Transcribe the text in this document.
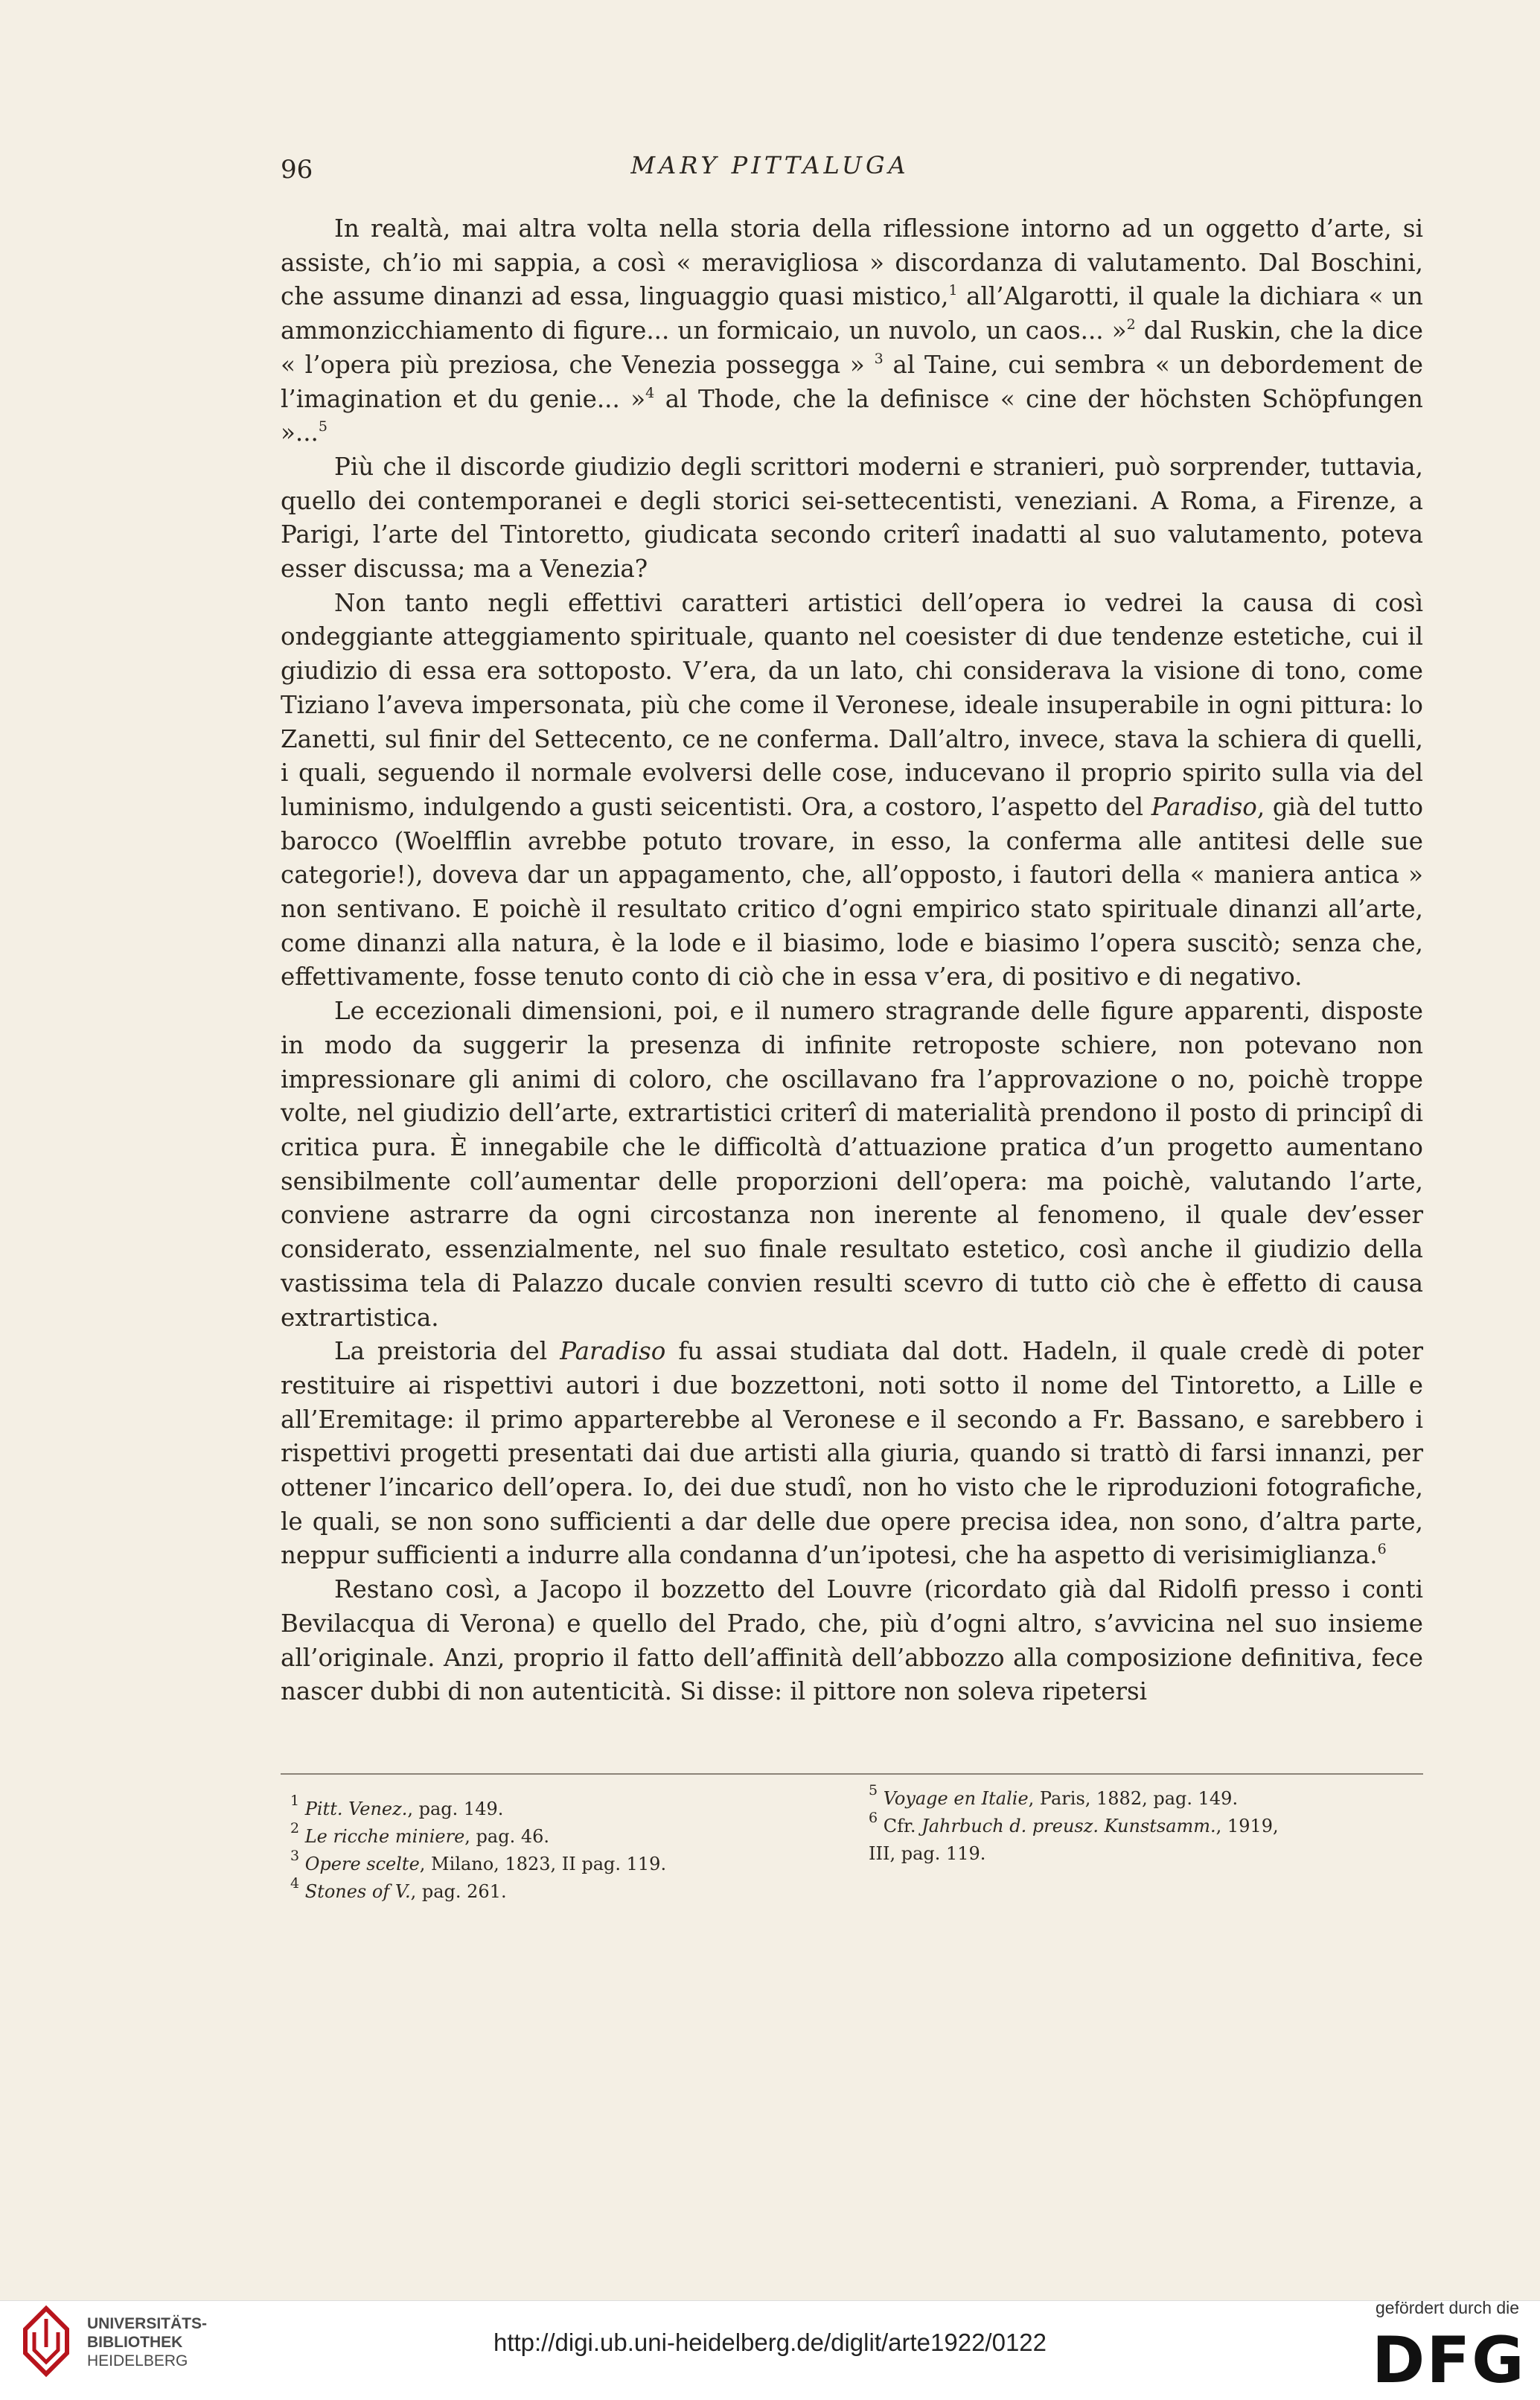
96	MARY PITTALUGA

In realtà, mai altra volta nella storia della riflessione intorno ad un oggetto d’arte, si assiste, ch’io mi sappia, a così « meravigliosa » discordanza di valutamento. Dal Boschini, che assume dinanzi ad essa, linguaggio quasi mistico,$^1$ all’Algarotti, il quale la dichiara « un ammonzicchiamento di figure... un formicaio, un nuvolo, un caos... »$^2$ dal Ruskin, che la dice « l’opera più preziosa, che Venezia possegga » $^3$ al Taine, cui sembra « un debordement de l’imagination et du genie... »$^4$ al Thode, che la definisce « cine der höchsten Schöpfungen »...$^5$

Più che il discorde giudizio degli scrittori moderni e stranieri, può sorprender, tuttavia, quello dei contemporanei e degli storici sei-settecentisti, veneziani. A Roma, a Firenze, a Parigi, l’arte del Tintoretto, giudicata secondo criterî inadatti al suo valutamento, poteva esser discussa; ma a Venezia?

Non tanto negli effettivi caratteri artistici dell’opera io vedrei la causa di così ondeggiante atteggiamento spirituale, quanto nel coesister di due tendenze estetiche, cui il giudizio di essa era sottoposto. V’era, da un lato, chi considerava la visione di tono, come Tiziano l’aveva impersonata, più che come il Veronese, ideale insuperabile in ogni pittura: lo Zanetti, sul finir del Settecento, ce ne conferma. Dall’altro, invece, stava la schiera di quelli, i quali, seguendo il normale evolversi delle cose, inducevano il proprio spirito sulla via del luminismo, indulgendo a gusti seicentisti. Ora, a costoro, l’aspetto del Paradiso, già del tutto barocco (Woelfflin avrebbe potuto trovare, in esso, la conferma alle antitesi delle sue categorie!), doveva dar un appagamento, che, all’opposto, i fautori della « maniera antica » non sentivano. E poichè il resultato critico d’ogni empirico stato spirituale dinanzi all’arte, come dinanzi alla natura, è la lode e il biasimo, lode e biasimo l’opera suscitò; senza che, effettivamente, fosse tenuto conto di ciò che in essa v’era, di positivo e di negativo.

Le eccezionali dimensioni, poi, e il numero stragrande delle figure apparenti, disposte in modo da suggerir la presenza di infinite retroposte schiere, non potevano non impressionare gli animi di coloro, che oscillavano fra l’approvazione o no, poichè troppe volte, nel giudizio dell’arte, extrartistici criterî di materialità prendono il posto di principî di critica pura. È innegabile che le difficoltà d’attuazione pratica d’un progetto aumentano sensibilmente coll’aumentar delle proporzioni dell’opera: ma poichè, valutando l’arte, conviene astrarre da ogni circostanza non inerente al fenomeno, il quale dev’esser considerato, essenzialmente, nel suo finale resultato estetico, così anche il giudizio della vastissima tela di Palazzo ducale convien resulti scevro di tutto ciò che è effetto di causa extrartistica.

La preistoria del Paradiso fu assai studiata dal dott. Hadeln, il quale credè di poter restituire ai rispettivi autori i due bozzettoni, noti sotto il nome del Tintoretto, a Lille e all’Eremitage: il primo apparterebbe al Veronese e il secondo a Fr. Bassano, e sarebbero i rispettivi progetti presentati dai due artisti alla giuria, quando si trattò di farsi innanzi, per ottener l’incarico dell’opera. Io, dei due studî, non ho visto che le riproduzioni fotografiche, le quali, se non sono sufficienti a dar delle due opere precisa idea, non sono, d’altra parte, neppur sufficienti a indurre alla condanna d’un’ipotesi, che ha aspetto di verisimiglianza.$^6$

Restano così, a Jacopo il bozzetto del Louvre (ricordato già dal Ridolfi presso i conti Bevilacqua di Verona) e quello del Prado, che, più d’ogni altro, s’avvicina nel suo insieme all’originale. Anzi, proprio il fatto dell’affinità dell’abbozzo alla composizione definitiva, fece nascer dubbi di non autenticità. Si disse: il pittore non soleva ripetersi

$^1$ Pitt. Venez., pag. 149.

$^2$ Le ricche miniere, pag. 46.

$^3$ Opere scelte, Milano, 1823, II pag. 119.

$^4$ Stones of V., pag. 261.

$^5$ Voyage en Italie, Paris, 1882, pag. 149.

$^6$ Cfr. Jahrbuch d. preusz. Kunstsamm., 1919,

III, pag. 119.

UNIVERSITÄTS-
BIBLIOTHEK
HEIDELBERG
http://digi.ub.uni-heidelberg.de/diglit/arte1922/0122
gefördert durch die
DFG
